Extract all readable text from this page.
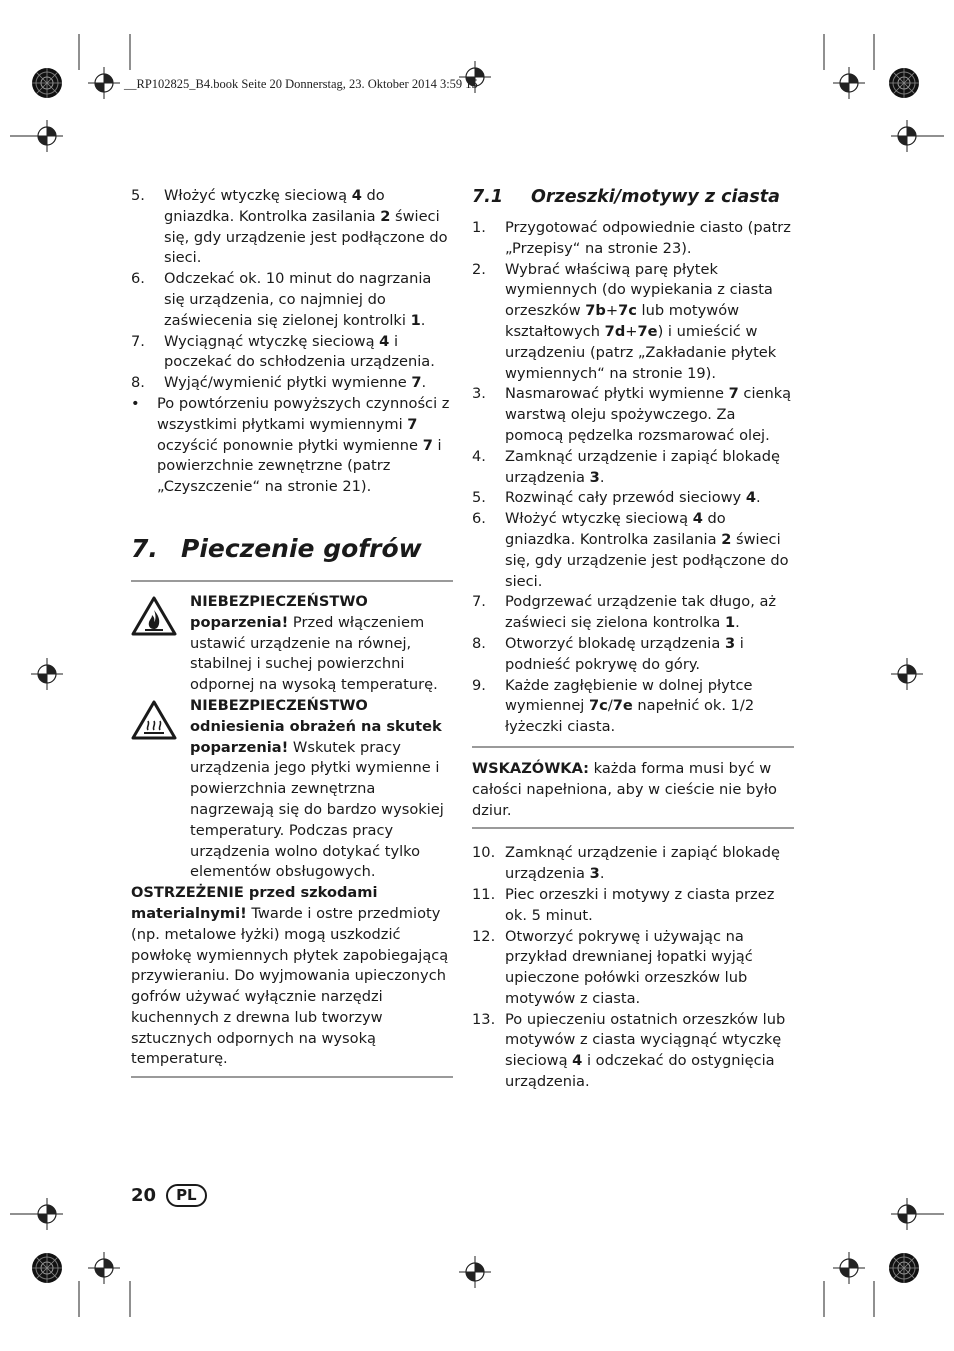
__RP102825_B4.book Seite 20 Donnerstag, 23. Oktober 2014 3:59 15
5. Włożyć wtyczkę sieciową 4 do gniazdka. Kontrolka zasilania 2 świeci się, gdy urządzenie jest podłączone do sieci.
6. Odczekać ok. 10 minut do nagrzania się urządzenia, co najmniej do zaświecenia się zielonej kontrolki 1.
7. Wyciągnąć wtyczkę sieciową 4 i poczekać do schłodzenia urządzenia.
8. Wyjąć/wymienić płytki wymienne 7.
• Po powtórzeniu powyższych czynności z wszystkimi płytkami wymiennymi 7 oczyścić ponownie płytki wymienne 7 i powierzchnie zewnętrzne (patrz „Czyszczenie“ na stronie 21).
7. Pieczenie gofrów
NIEBEZPIECZEŃSTWO poparzenia! Przed włączeniem ustawić urządzenie na równej, stabilnej i suchej powierzchni odpornej na wysoką temperaturę.
NIEBEZPIECZEŃSTWO odniesienia obrażeń na skutek poparzenia! Wskutek pracy urządzenia jego płytki wymienne i powierzchnia zewnętrzna nagrzewają się do bardzo wysokiej temperatury. Podczas pracy urządzenia wolno dotykać tylko elementów obsługowych.
OSTRZEŻENIE przed szkodami materialnymi! Twarde i ostre przedmioty (np. metalowe łyżki) mogą uszkodzić powłokę wymiennych płytek zapobiegającą przywieraniu. Do wyjmowania upieczonych gofrów używać wyłącznie narzędzi kuchennych z drewna lub tworzyw sztucznych odpornych na wysoką temperaturę.
7.1 Orzeszki/motywy z ciasta
1. Przygotować odpowiednie ciasto (patrz „Przepisy“ na stronie 23).
2. Wybrać właściwą parę płytek wymiennych (do wypiekania z ciasta orzeszków 7b+7c lub motywów kształtowych 7d+7e) i umieścić w urządzeniu (patrz „Zakładanie płytek wymiennych“ na stronie 19).
3. Nasmarować płytki wymienne 7 cienką warstwą oleju spożywczego. Za pomocą pędzelka rozsmarować olej.
4. Zamknąć urządzenie i zapiąć blokadę urządzenia 3.
5. Rozwinąć cały przewód sieciowy 4.
6. Włożyć wtyczkę sieciową 4 do gniazdka. Kontrolka zasilania 2 świeci się, gdy urządzenie jest podłączone do sieci.
7. Podgrzewać urządzenie tak długo, aż zaświeci się zielona kontrolka 1.
8. Otworzyć blokadę urządzenia 3 i podnieść pokrywę do góry.
9. Każde zagłębienie w dolnej płytce wymiennej 7c/7e napełnić ok. 1/2 łyżeczki ciasta.
WSKAZÓWKA: każda forma musi być w całości napełniona, aby w cieście nie było dziur.
10. Zamknąć urządzenie i zapiąć blokadę urządzenia 3.
11. Piec orzeszki i motywy z ciasta przez ok. 5 minut.
12. Otworzyć pokrywę i używając na przykład drewnianej łopatki wyjąć upieczone połówki orzeszków lub motywów z ciasta.
13. Po upieczeniu ostatnich orzeszków lub motywów z ciasta wyciągnąć wtyczkę sieciową 4 i odczekać do ostygnięcia urządzenia.
20	PL
